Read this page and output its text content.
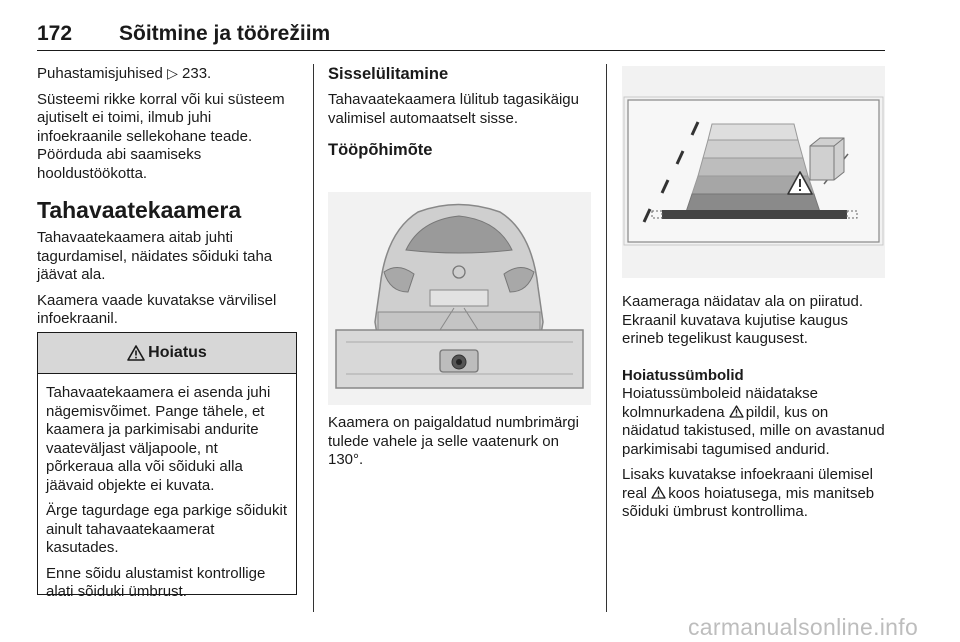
172 Sõitmine ja töörežiim

Puhastamisjuhised ▷ 233.

Süsteemi rikke korral või kui süsteem ajutiselt ei toimi, ilmub juhi infoekraanile sellekohane teade. Pöörduda abi saamiseks hooldustöökotta.

Tahavaatekaamera

Tahavaatekaamera aitab juhti tagurdamisel, näidates sõiduki taha jäävat ala.

Kaamera vaade kuvatakse värvilisel infoekraanil.

Hoiatus

Tahavaatekaamera ei asenda juhi nägemisvõimet. Pange tähele, et kaamera ja parkimisabi andurite vaateväljast väljapoole, nt põrkeraua alla või sõiduki alla jäävaid objekte ei kuvata.

Ärge tagurdage ega parkige sõidukit ainult tahavaatekaamerat kasutades.

Enne sõidu alustamist kontrollige alati sõiduki ümbrust.

Sisselülitamine

Tahavaatekaamera lülitub tagasikäigu valimisel automaatselt sisse.

Tööpõhimõte

Kaamera on paigaldatud numbrimärgi tulede vahele ja selle vaatenurk on 130°.

Kaameraga näidatav ala on piiratud. Ekraanil kuvatava kujutise kaugus erineb tegelikust kaugusest.

Hoiatussümbolid

Hoiatussümboleid näidatakse kolmnurkadena pildil, kus on näidatud takistused, mille on avastanud parkimisabi tagumised andurid.

Lisaks kuvatakse infoekraani ülemisel real koos hoiatusega, mis manitseb sõiduki ümbrust kontrollima.

carmanualsonline.info
